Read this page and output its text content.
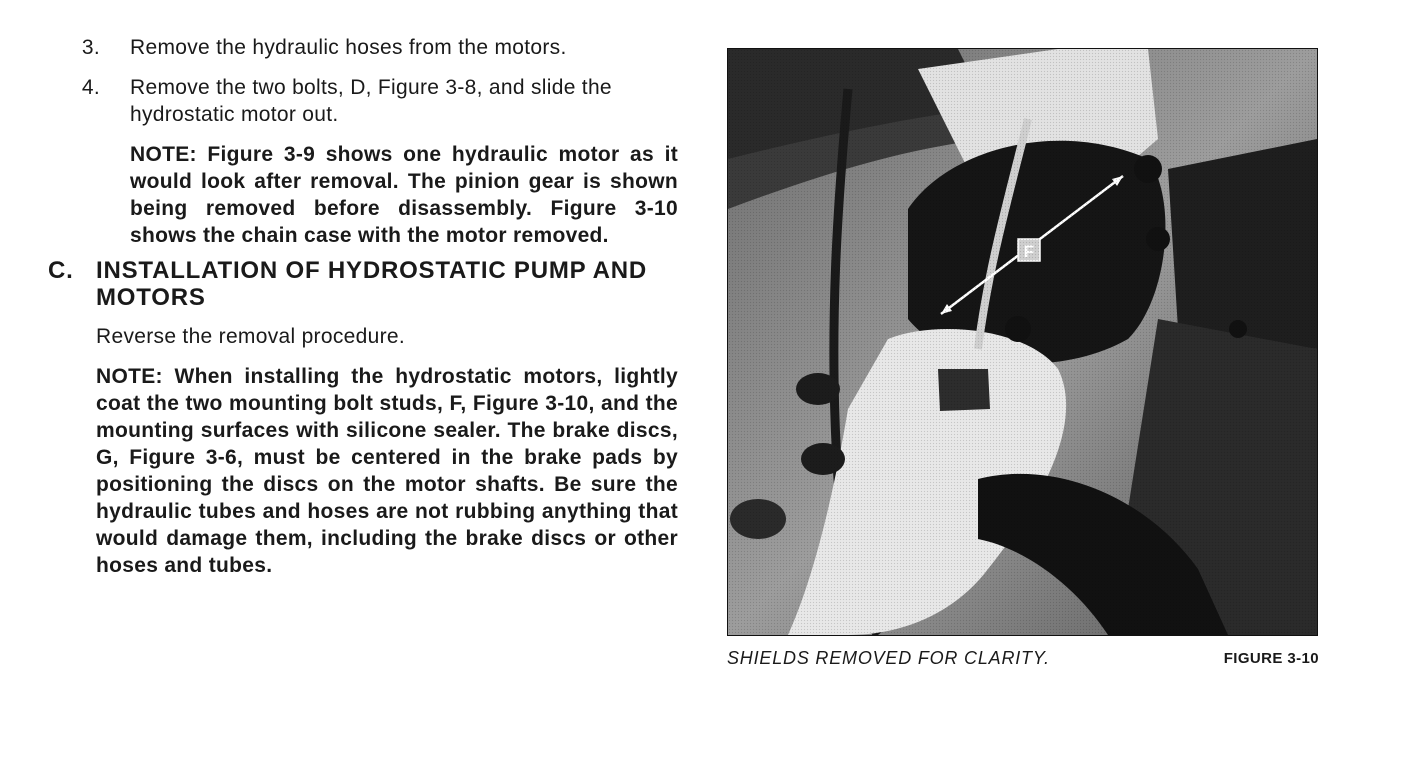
3.	Remove the hydraulic hoses from the motors.
4.	Remove the two bolts, D, Figure 3-8, and slide the hydrostatic motor out.

NOTE: Figure 3-9 shows one hydraulic motor as it would look after removal. The pinion gear is shown being removed before disassembly. Figure 3-10 shows the chain case with the motor removed.

C. INSTALLATION OF HYDROSTATIC PUMP AND MOTORS
Reverse the removal procedure.

NOTE: When installing the hydrostatic motors, lightly coat the two mounting bolt studs, F, Figure 3-10, and the mounting surfaces with silicone sealer. The brake discs, G, Figure 3-6, must be centered in the brake pads by positioning the discs on the motor shafts. Be sure the hydraulic tubes and hoses are not rubbing anything that would damage them, including the brake discs or other hoses and tubes.

SHIELDS REMOVED FOR CLARITY.	FIGURE 3-10
